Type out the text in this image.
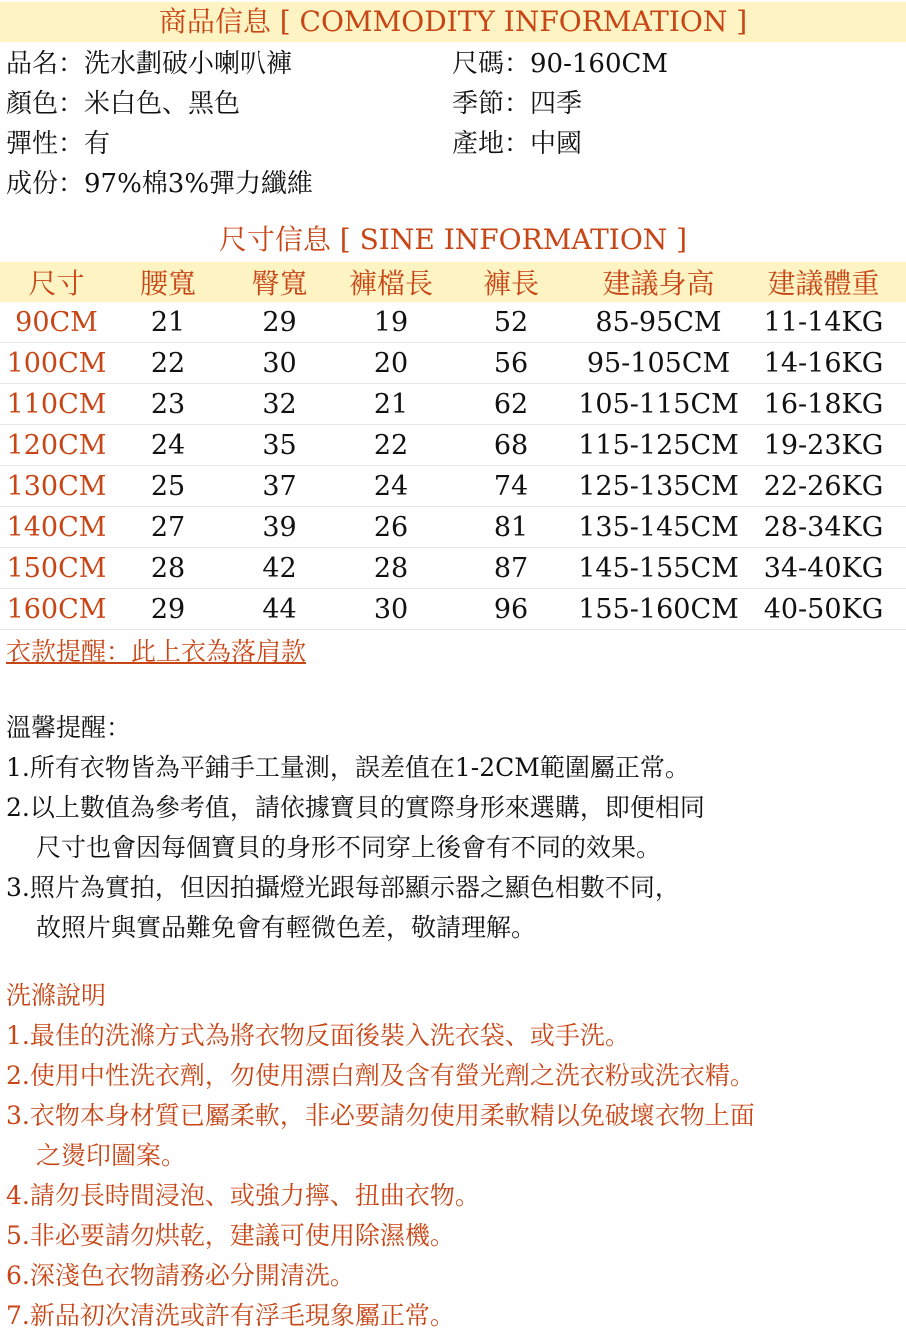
商品信息 [ COMMODITY INFORMATION ]
品名：洗水劃破小喇叭褲	尺碼：90-160CM
顏色：米白色、黑色	季節：四季
彈性：有	產地：中國
成份：97%棉3%彈力纖維
尺寸信息 [ SINE INFORMATION ]
尺寸	腰寬	臀寬	褲檔長	褲長	建議身高	建議體重
90CM	21	29	19	52	85-95CM	11-14KG
100CM	22	30	20	56	95-105CM	14-16KG
110CM	23	32	21	62	105-115CM	16-18KG
120CM	24	35	22	68	115-125CM	19-23KG
130CM	25	37	24	74	125-135CM	22-26KG
140CM	27	39	26	81	135-145CM	28-34KG
150CM	28	42	28	87	145-155CM	34-40KG
160CM	29	44	30	96	155-160CM	40-50KG
衣款提醒：此上衣為落肩款
溫馨提醒：
1.所有衣物皆為平鋪手工量測，誤差值在1-2CM範圍屬正常。
2.以上數值為參考值，請依據寶貝的實際身形來選購，即便相同
尺寸也會因每個寶貝的身形不同穿上後會有不同的效果。
3.照片為實拍，但因拍攝燈光跟每部顯示器之顯色相數不同，
故照片與實品難免會有輕微色差，敬請理解。
洗滌說明
1.最佳的洗滌方式為將衣物反面後裝入洗衣袋、或手洗。
2.使用中性洗衣劑，勿使用漂白劑及含有螢光劑之洗衣粉或洗衣精。
3.衣物本身材質已屬柔軟，非必要請勿使用柔軟精以免破壞衣物上面
之燙印圖案。
4.請勿長時間浸泡、或強力擰、扭曲衣物。
5.非必要請勿烘乾，建議可使用除濕機。
6.深淺色衣物請務必分開清洗。
7.新品初次清洗或許有浮毛現象屬正常。
